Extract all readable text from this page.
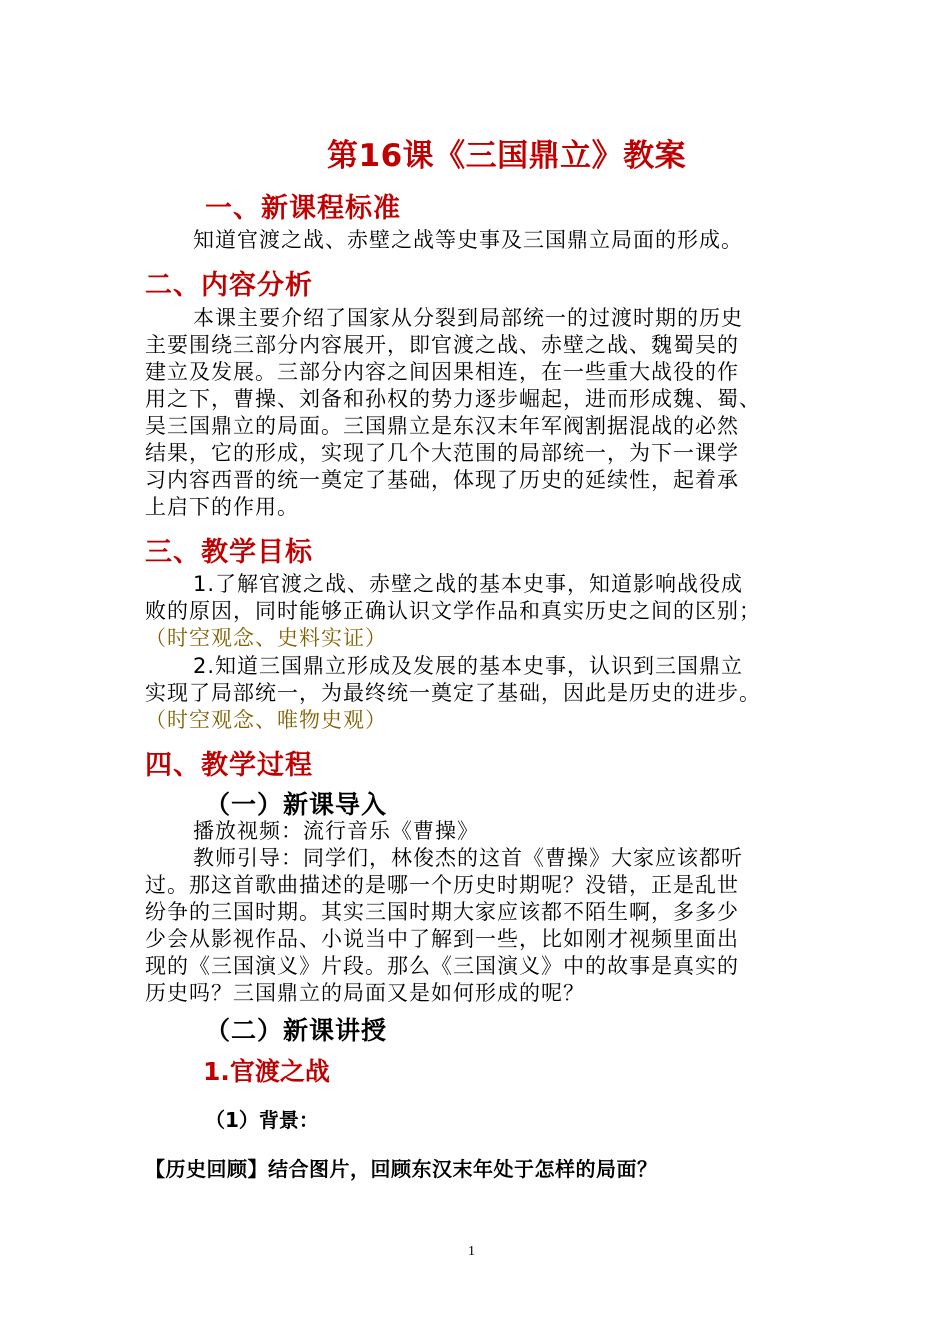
第16课《三国鼎立》教案
一、新课程标准
知道官渡之战、赤壁之战等史事及三国鼎立局面的形成。
二、内容分析
本课主要介绍了国家从分裂到局部统一的过渡时期的历史
主要围绕三部分内容展开，即官渡之战、赤壁之战、魏蜀吴的
建立及发展。三部分内容之间因果相连，在一些重大战役的作
用之下，曹操、刘备和孙权的势力逐步崛起，进而形成魏、蜀、
吴三国鼎立的局面。三国鼎立是东汉末年军阀割据混战的必然
结果，它的形成，实现了几个大范围的局部统一，为下一课学
习内容西晋的统一奠定了基础，体现了历史的延续性，起着承
上启下的作用。
三、教学目标
1.了解官渡之战、赤壁之战的基本史事，知道影响战役成
败的原因，同时能够正确认识文学作品和真实历史之间的区别；
（时空观念、史料实证）
2.知道三国鼎立形成及发展的基本史事，认识到三国鼎立
实现了局部统一，为最终统一奠定了基础，因此是历史的进步。
（时空观念、唯物史观）
四、教学过程
（一）新课导入
播放视频：流行音乐《曹操》
教师引导：同学们，林俊杰的这首《曹操》大家应该都听
过。那这首歌曲描述的是哪一个历史时期呢？没错，正是乱世
纷争的三国时期。其实三国时期大家应该都不陌生啊，多多少
少会从影视作品、小说当中了解到一些，比如刚才视频里面出
现的《三国演义》片段。那么《三国演义》中的故事是真实的
历史吗？三国鼎立的局面又是如何形成的呢？
（二）新课讲授
1.官渡之战
（1）背景：
【历史回顾】结合图片，回顾东汉末年处于怎样的局面？
1
